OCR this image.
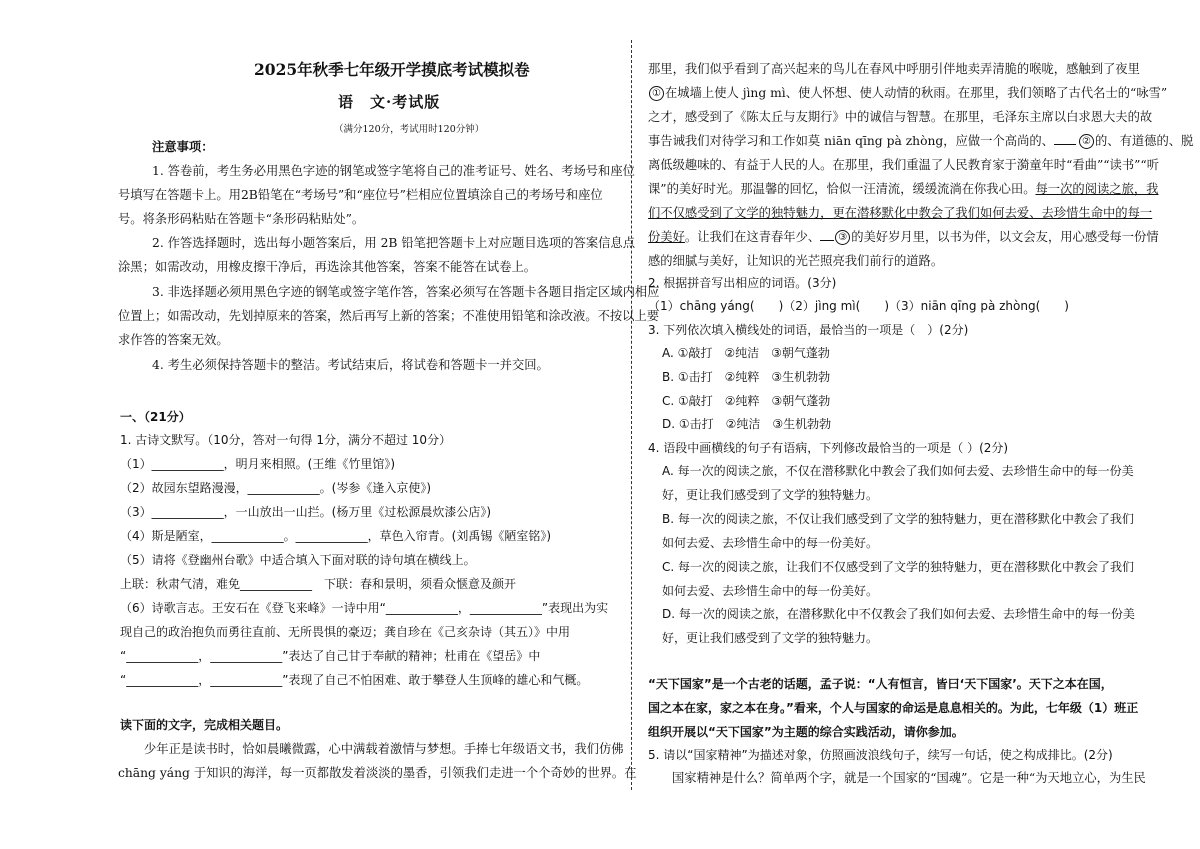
2025年秋季七年级开学摸底考试模拟卷
语　文·考试版
（满分120分，考试用时120分钟）
注意事项：
1. 答卷前，考生务必用黑色字迹的钢笔或签字笔将自己的准考证号、姓名、考场号和座位
号填写在答题卡上。用2B铅笔在“考场号”和“座位号”栏相应位置填涂自己的考场号和座位
号。将条形码粘贴在答题卡“条形码粘贴处”。
2. 作答选择题时，选出每小题答案后，用 2B 铅笔把答题卡上对应题目选项的答案信息点
涂黑；如需改动，用橡皮擦干净后，再选涂其他答案，答案不能答在试卷上。
3. 非选择题必须用黑色字迹的钢笔或签字笔作答，答案必须写在答题卡各题目指定区域内相应
位置上；如需改动，先划掉原来的答案，然后再写上新的答案；不准使用铅笔和涂改液。不按以上要
求作答的答案无效。
4. 考生必须保持答题卡的整洁。考试结束后，将试卷和答题卡一并交回。
一、（21分）
1. 古诗文默写。（10分，答对一句得 1分，满分不超过 10分）
（1）____________，明月来相照。(王维《竹里馆》)
（2）故园东望路漫漫，____________。(岑参《逢入京使》)
（3）____________，一山放出一山拦。(杨万里《过松源晨炊漆公店》)
（4）斯是陋室，____________。____________，草色入帘青。(刘禹锡《陋室铭》)
（5）请将《登幽州台歌》中适合填入下面对联的诗句填在横线上。
上联：秋肃气清，难免____________　下联：春和景明，须看众惬意及颜开
（6）诗歌言志。王安石在《登飞来峰》一诗中用“____________，____________”表现出为实
现自己的政治抱负而勇往直前、无所畏惧的豪迈；龚自珍在《己亥杂诗（其五）》中用
“____________，____________”表达了自己甘于奉献的精神；杜甫在《望岳》中
“____________，____________”表现了自己不怕困难、敢于攀登人生顶峰的雄心和气概。
读下面的文字，完成相关题目。
少年正是读书时，恰如晨曦微露，心中满载着激情与梦想。手捧七年级语文书，我们仿佛
chāng yáng 于知识的海洋，每一页都散发着淡淡的墨香，引领我们走进一个个奇妙的世界。在
那里，我们似乎看到了高兴起来的鸟儿在春风中呼朋引伴地卖弄清脆的喉咙，感触到了夜里
① 在城墙上使人 jìng mì、使人怀想、使人动情的秋雨。在那里，我们领略了古代名士的“咏雪”
之才，感受到了《陈太丘与友期行》中的诚信与智慧。在那里，毛泽东主席以白求恩大夫的故
事告诫我们对待学习和工作如莫 niān qīng pà zhòng，应做一个高尚的、	② 的、有道德的、脱
离低级趣味的、有益于人民的人。在那里，我们重温了人民教育家于漪童年时“看曲”“读书”“听
课”的美好时光。那温馨的回忆，恰似一汪清流，缓缓流淌在你我心田。每一次的阅读之旅，我
们不仅感受到了文学的独特魅力，更在潜移默化中教会了我们如何去爱、去珍惜生命中的每一
份美好。让我们在这青春年少、 ③ 的美好岁月里，以书为伴，以文会友，用心感受每一份情
感的细腻与美好，让知识的光芒照亮我们前行的道路。
2. 根据拼音写出相应的词语。(3分)
（1）chāng yáng(　　)（2）jìng mì(　　)（3）niān qīng pà zhòng(　　)
3. 下列依次填入横线处的词语，最恰当的一项是（　）(2分)
A. ①敲打　②纯洁　③朝气蓬勃
B. ①击打　②纯粹　③生机勃勃
C. ①敲打　②纯粹　③朝气蓬勃
D. ①击打　②纯洁　③生机勃勃
4. 语段中画横线的句子有语病，下列修改最恰当的一项是（ ）(2分)
A. 每一次的阅读之旅，不仅在潜移默化中教会了我们如何去爱、去珍惜生命中的每一份美
好，更让我们感受到了文学的独特魅力。
B. 每一次的阅读之旅，不仅让我们感受到了文学的独特魅力，更在潜移默化中教会了我们
如何去爱、去珍惜生命中的每一份美好。
C. 每一次的阅读之旅，让我们不仅感受到了文学的独特魅力，更在潜移默化中教会了我们
如何去爱、去珍惜生命中的每一份美好。
D. 每一次的阅读之旅，在潜移默化中不仅教会了我们如何去爱、去珍惜生命中的每一份美
好，更让我们感受到了文学的独特魅力。
“天下国家”是一个古老的话题，孟子说：“人有恒言，皆曰‘天下国家’。天下之本在国，
国之本在家，家之本在身。”看来，个人与国家的命运是息息相关的。为此，七年级（1）班正
组织开展以“天下国家”为主题的综合实践活动，请你参加。
5. 请以“国家精神”为描述对象，仿照画波浪线句子，续写一句话，使之构成排比。(2分)
国家精神是什么？简单两个字，就是一个国家的“国魂”。它是一种“为天地立心，为生民
